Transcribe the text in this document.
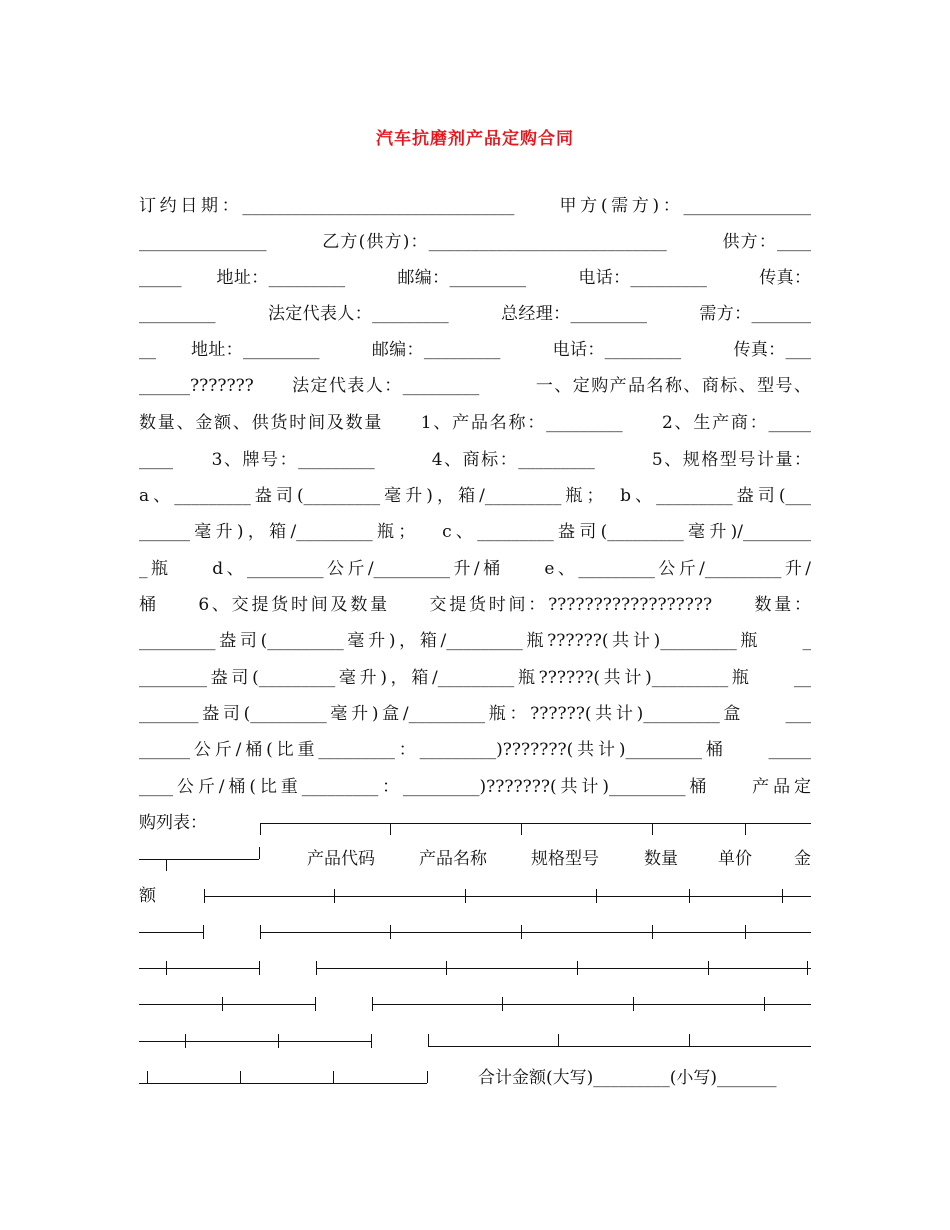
汽车抗磨剂产品定购合同
订约日期：________________________________　　甲方(需方)：_______________
_______________　　　乙方(供方)：____________________________　　　供方：____
_____　　地址：_________　　　邮编：_________　　　电话：_________　　　传真：
_________　　　法定代表人：_________　　　总经理：_________　　　需方：_______
__　　地址：_________　　　邮编：_________　　　电话：_________　　　传真：___
______???????　　法定代表人：_________　　　一、定购产品名称、商标、型号、
数量、金额、供货时间及数量　　1、产品名称：_________　　2、生产商：_____
____　　3、牌号：_________　　　4、商标：_________　　　5、规格型号计量：
a、_________盎司(_________毫升)，箱/_________瓶；　b、_________盎司(___
______毫升)，箱/_________瓶；　 c、_________盎司(_________毫升)/________
_瓶　　d、_________公斤/_________升/桶　　e、_________公斤/_________升/
桶　　6、交提货时间及数量　　交提货时间：??????????????????　　数量：
_________盎司(_________毫升)，箱/_________瓶??????(共计)_________瓶　　_
________盎司(_________毫升)，箱/_________瓶??????(共计)_________瓶　　__
_______盎司(_________毫升)盒/_________瓶：??????(共计)_________盒　　___
______公斤/桶(比重_________：_________)???????(共计)_________桶　　_____
____公斤/桶(比重_________：_________)???????(共计)_________桶　　产品定
购列表：
产品代码	产品名称	规格型号	数量 单价 金
额
合计金额(大写)_________(小写)_______
